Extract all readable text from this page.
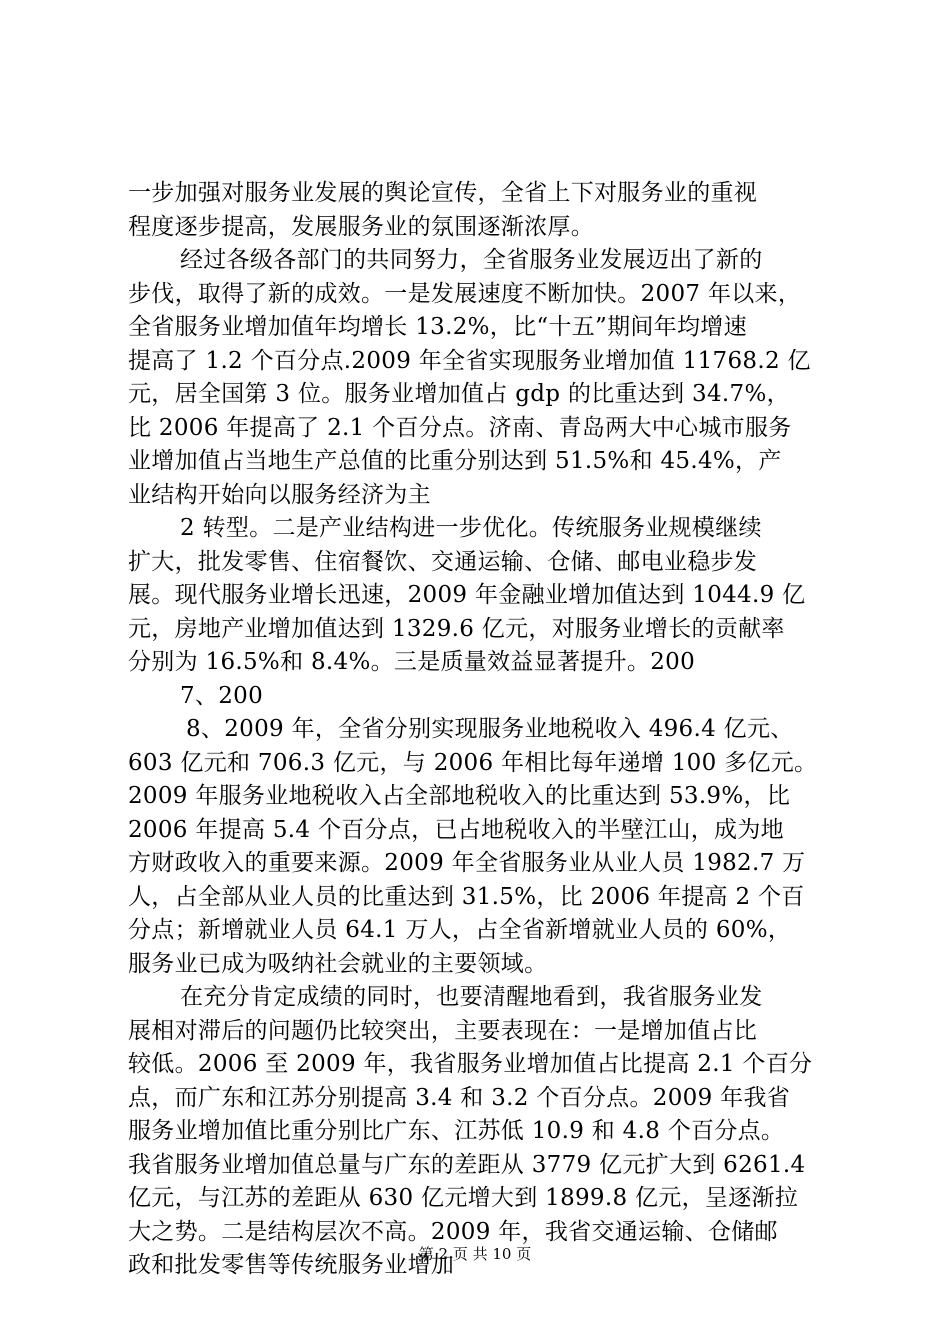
一步加强对服务业发展的舆论宣传，全省上下对服务业的重视
程度逐步提高，发展服务业的氛围逐渐浓厚。
经过各级各部门的共同努力，全省服务业发展迈出了新的
步伐，取得了新的成效。一是发展速度不断加快。2007 年以来，
全省服务业增加值年均增长 13.2%，比“十五”期间年均增速
提高了 1.2 个百分点.2009 年全省实现服务业增加值 11768.2 亿
元，居全国第 3 位。服务业增加值占 gdp 的比重达到 34.7%，
比 2006 年提高了 2.1 个百分点。济南、青岛两大中心城市服务
业增加值占当地生产总值的比重分别达到 51.5%和 45.4%，产
业结构开始向以服务经济为主
2 转型。二是产业结构进一步优化。传统服务业规模继续
扩大，批发零售、住宿餐饮、交通运输、仓储、邮电业稳步发
展。现代服务业增长迅速，2009 年金融业增加值达到 1044.9 亿
元，房地产业增加值达到 1329.6 亿元，对服务业增长的贡献率
分别为 16.5%和 8.4%。三是质量效益显著提升。200
7、200
8、2009 年，全省分别实现服务业地税收入 496.4 亿元、
603 亿元和 706.3 亿元，与 2006 年相比每年递增 100 多亿元。
2009 年服务业地税收入占全部地税收入的比重达到 53.9%，比
2006 年提高 5.4 个百分点，已占地税收入的半壁江山，成为地
方财政收入的重要来源。2009 年全省服务业从业人员 1982.7 万
人，占全部从业人员的比重达到 31.5%，比 2006 年提高 2 个百
分点；新增就业人员 64.1 万人，占全省新增就业人员的 60%，
服务业已成为吸纳社会就业的主要领域。
在充分肯定成绩的同时，也要清醒地看到，我省服务业发
展相对滞后的问题仍比较突出，主要表现在：一是增加值占比
较低。2006 至 2009 年，我省服务业增加值占比提高 2.1 个百分
点，而广东和江苏分别提高 3.4 和 3.2 个百分点。2009 年我省
服务业增加值比重分别比广东、江苏低 10.9 和 4.8 个百分点。
我省服务业增加值总量与广东的差距从 3779 亿元扩大到 6261.4
亿元，与江苏的差距从 630 亿元增大到 1899.8 亿元，呈逐渐拉
大之势。二是结构层次不高。2009 年，我省交通运输、仓储邮
政和批发零售等传统服务业增加
第 2 页 共 10 页
